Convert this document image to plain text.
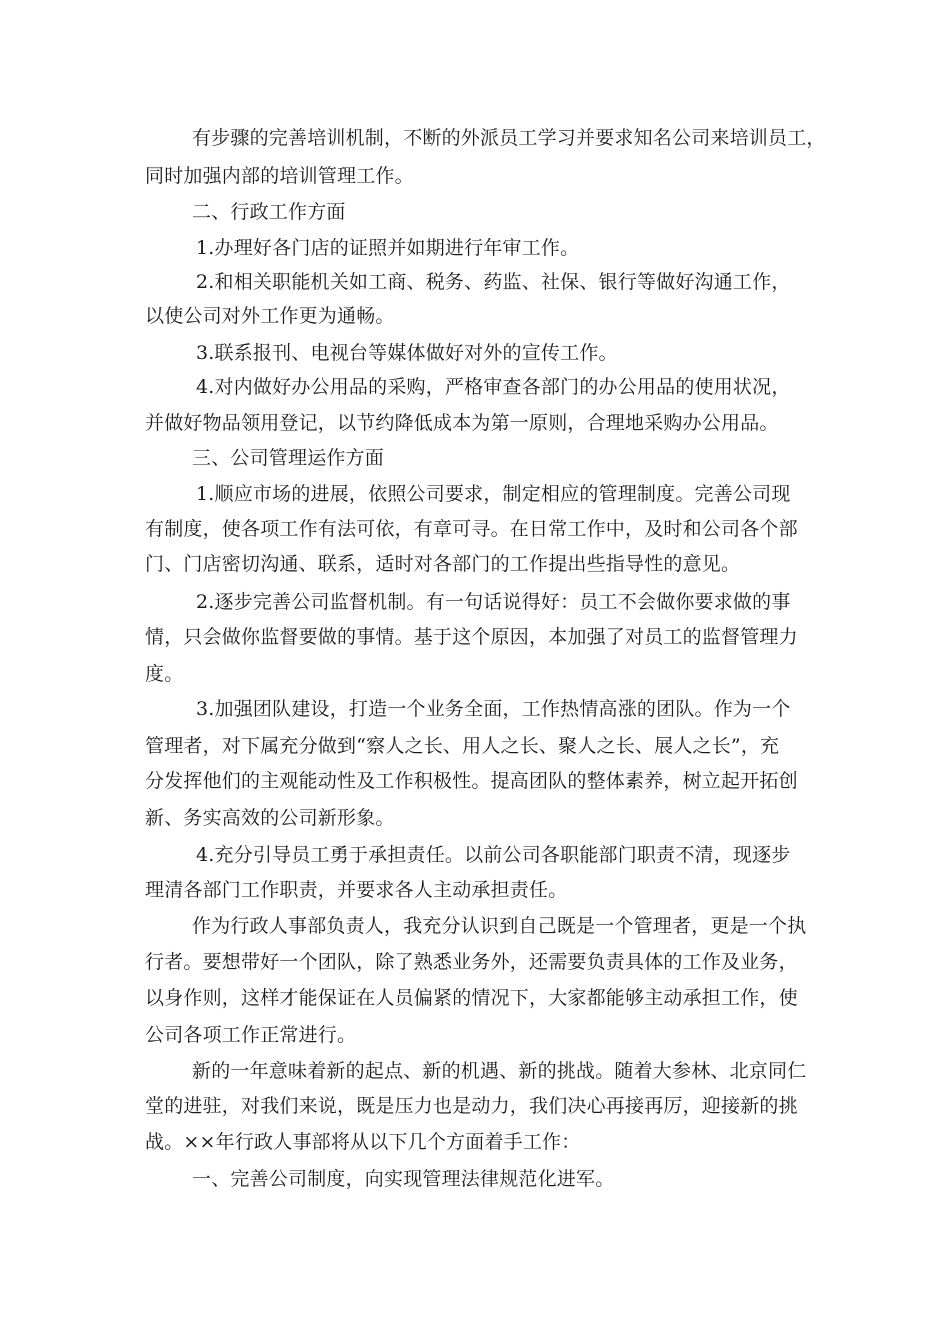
有步骤的完善培训机制，不断的外派员工学习并要求知名公司来培训员工，
同时加强内部的培训管理工作。
二、行政工作方面
1.办理好各门店的证照并如期进行年审工作。
2.和相关职能机关如工商、税务、药监、社保、银行等做好沟通工作，
以使公司对外工作更为通畅。
3.联系报刊、电视台等媒体做好对外的宣传工作。
4.对内做好办公用品的采购，严格审查各部门的办公用品的使用状况，
并做好物品领用登记，以节约降低成本为第一原则，合理地采购办公用品。
三、公司管理运作方面
1.顺应市场的进展，依照公司要求，制定相应的管理制度。完善公司现
有制度，使各项工作有法可依，有章可寻。在日常工作中，及时和公司各个部
门、门店密切沟通、联系，适时对各部门的工作提出些指导性的意见。
2.逐步完善公司监督机制。有一句话说得好：员工不会做你要求做的事
情，只会做你监督要做的事情。基于这个原因，本加强了对员工的监督管理力
度。
3.加强团队建设，打造一个业务全面，工作热情高涨的团队。作为一个
管理者，对下属充分做到“察人之长、用人之长、聚人之长、展人之长”，充
分发挥他们的主观能动性及工作积极性。提高团队的整体素养，树立起开拓创
新、务实高效的公司新形象。
4.充分引导员工勇于承担责任。以前公司各职能部门职责不清，现逐步
理清各部门工作职责，并要求各人主动承担责任。
作为行政人事部负责人，我充分认识到自己既是一个管理者，更是一个执
行者。要想带好一个团队，除了熟悉业务外，还需要负责具体的工作及业务，
以身作则，这样才能保证在人员偏紧的情况下，大家都能够主动承担工作，使
公司各项工作正常进行。
新的一年意味着新的起点、新的机遇、新的挑战。随着大参林、北京同仁
堂的进驻，对我们来说，既是压力也是动力，我们决心再接再厉，迎接新的挑
战。××年行政人事部将从以下几个方面着手工作：
一、完善公司制度，向实现管理法律规范化进军。
